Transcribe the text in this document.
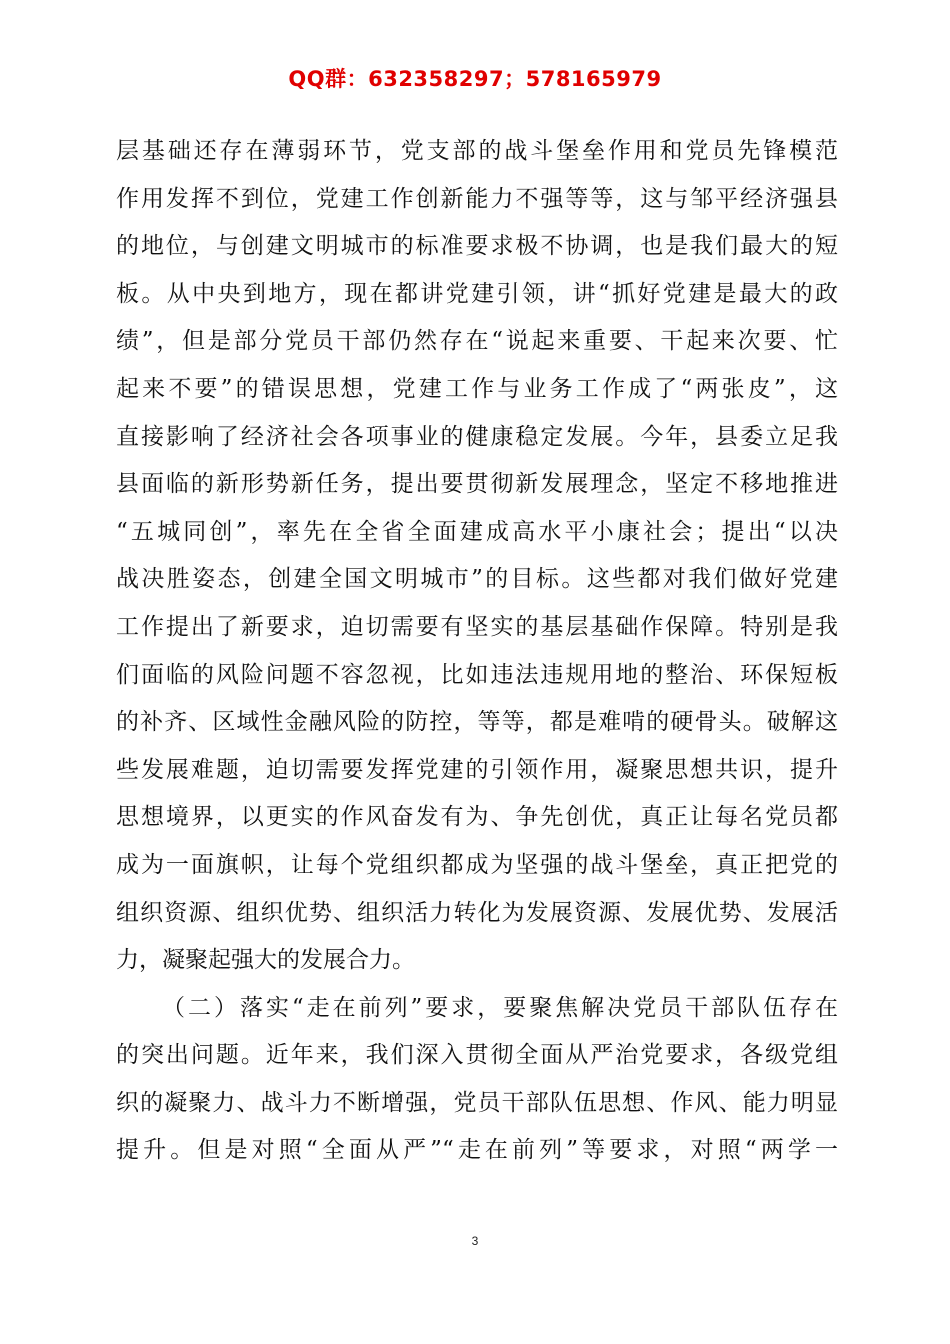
QQ群：632358297；578165979
层基础还存在薄弱环节，党支部的战斗堡垒作用和党员先锋模范
作用发挥不到位，党建工作创新能力不强等等，这与邹平经济强县
的地位，与创建文明城市的标准要求极不协调，也是我们最大的短
板。从中央到地方，现在都讲党建引领，讲“抓好党建是最大的政
绩”，但是部分党员干部仍然存在“说起来重要、干起来次要、忙
起来不要”的错误思想，党建工作与业务工作成了“两张皮”，这
直接影响了经济社会各项事业的健康稳定发展。今年，县委立足我
县面临的新形势新任务，提出要贯彻新发展理念，坚定不移地推进
“五城同创”，率先在全省全面建成高水平小康社会；提出“以决
战决胜姿态，创建全国文明城市”的目标。这些都对我们做好党建
工作提出了新要求，迫切需要有坚实的基层基础作保障。特别是我
们面临的风险问题不容忽视，比如违法违规用地的整治、环保短板
的补齐、区域性金融风险的防控，等等，都是难啃的硬骨头。破解这
些发展难题，迫切需要发挥党建的引领作用，凝聚思想共识，提升
思想境界，以更实的作风奋发有为、争先创优，真正让每名党员都
成为一面旗帜，让每个党组织都成为坚强的战斗堡垒，真正把党的
组织资源、组织优势、组织活力转化为发展资源、发展优势、发展活
力，凝聚起强大的发展合力。
（二）落实“走在前列”要求，要聚焦解决党员干部队伍存在
的突出问题。近年来，我们深入贯彻全面从严治党要求，各级党组
织的凝聚力、战斗力不断增强，党员干部队伍思想、作风、能力明显
提升。但是对照“全面从严”“走在前列”等要求，对照“两学一
3
